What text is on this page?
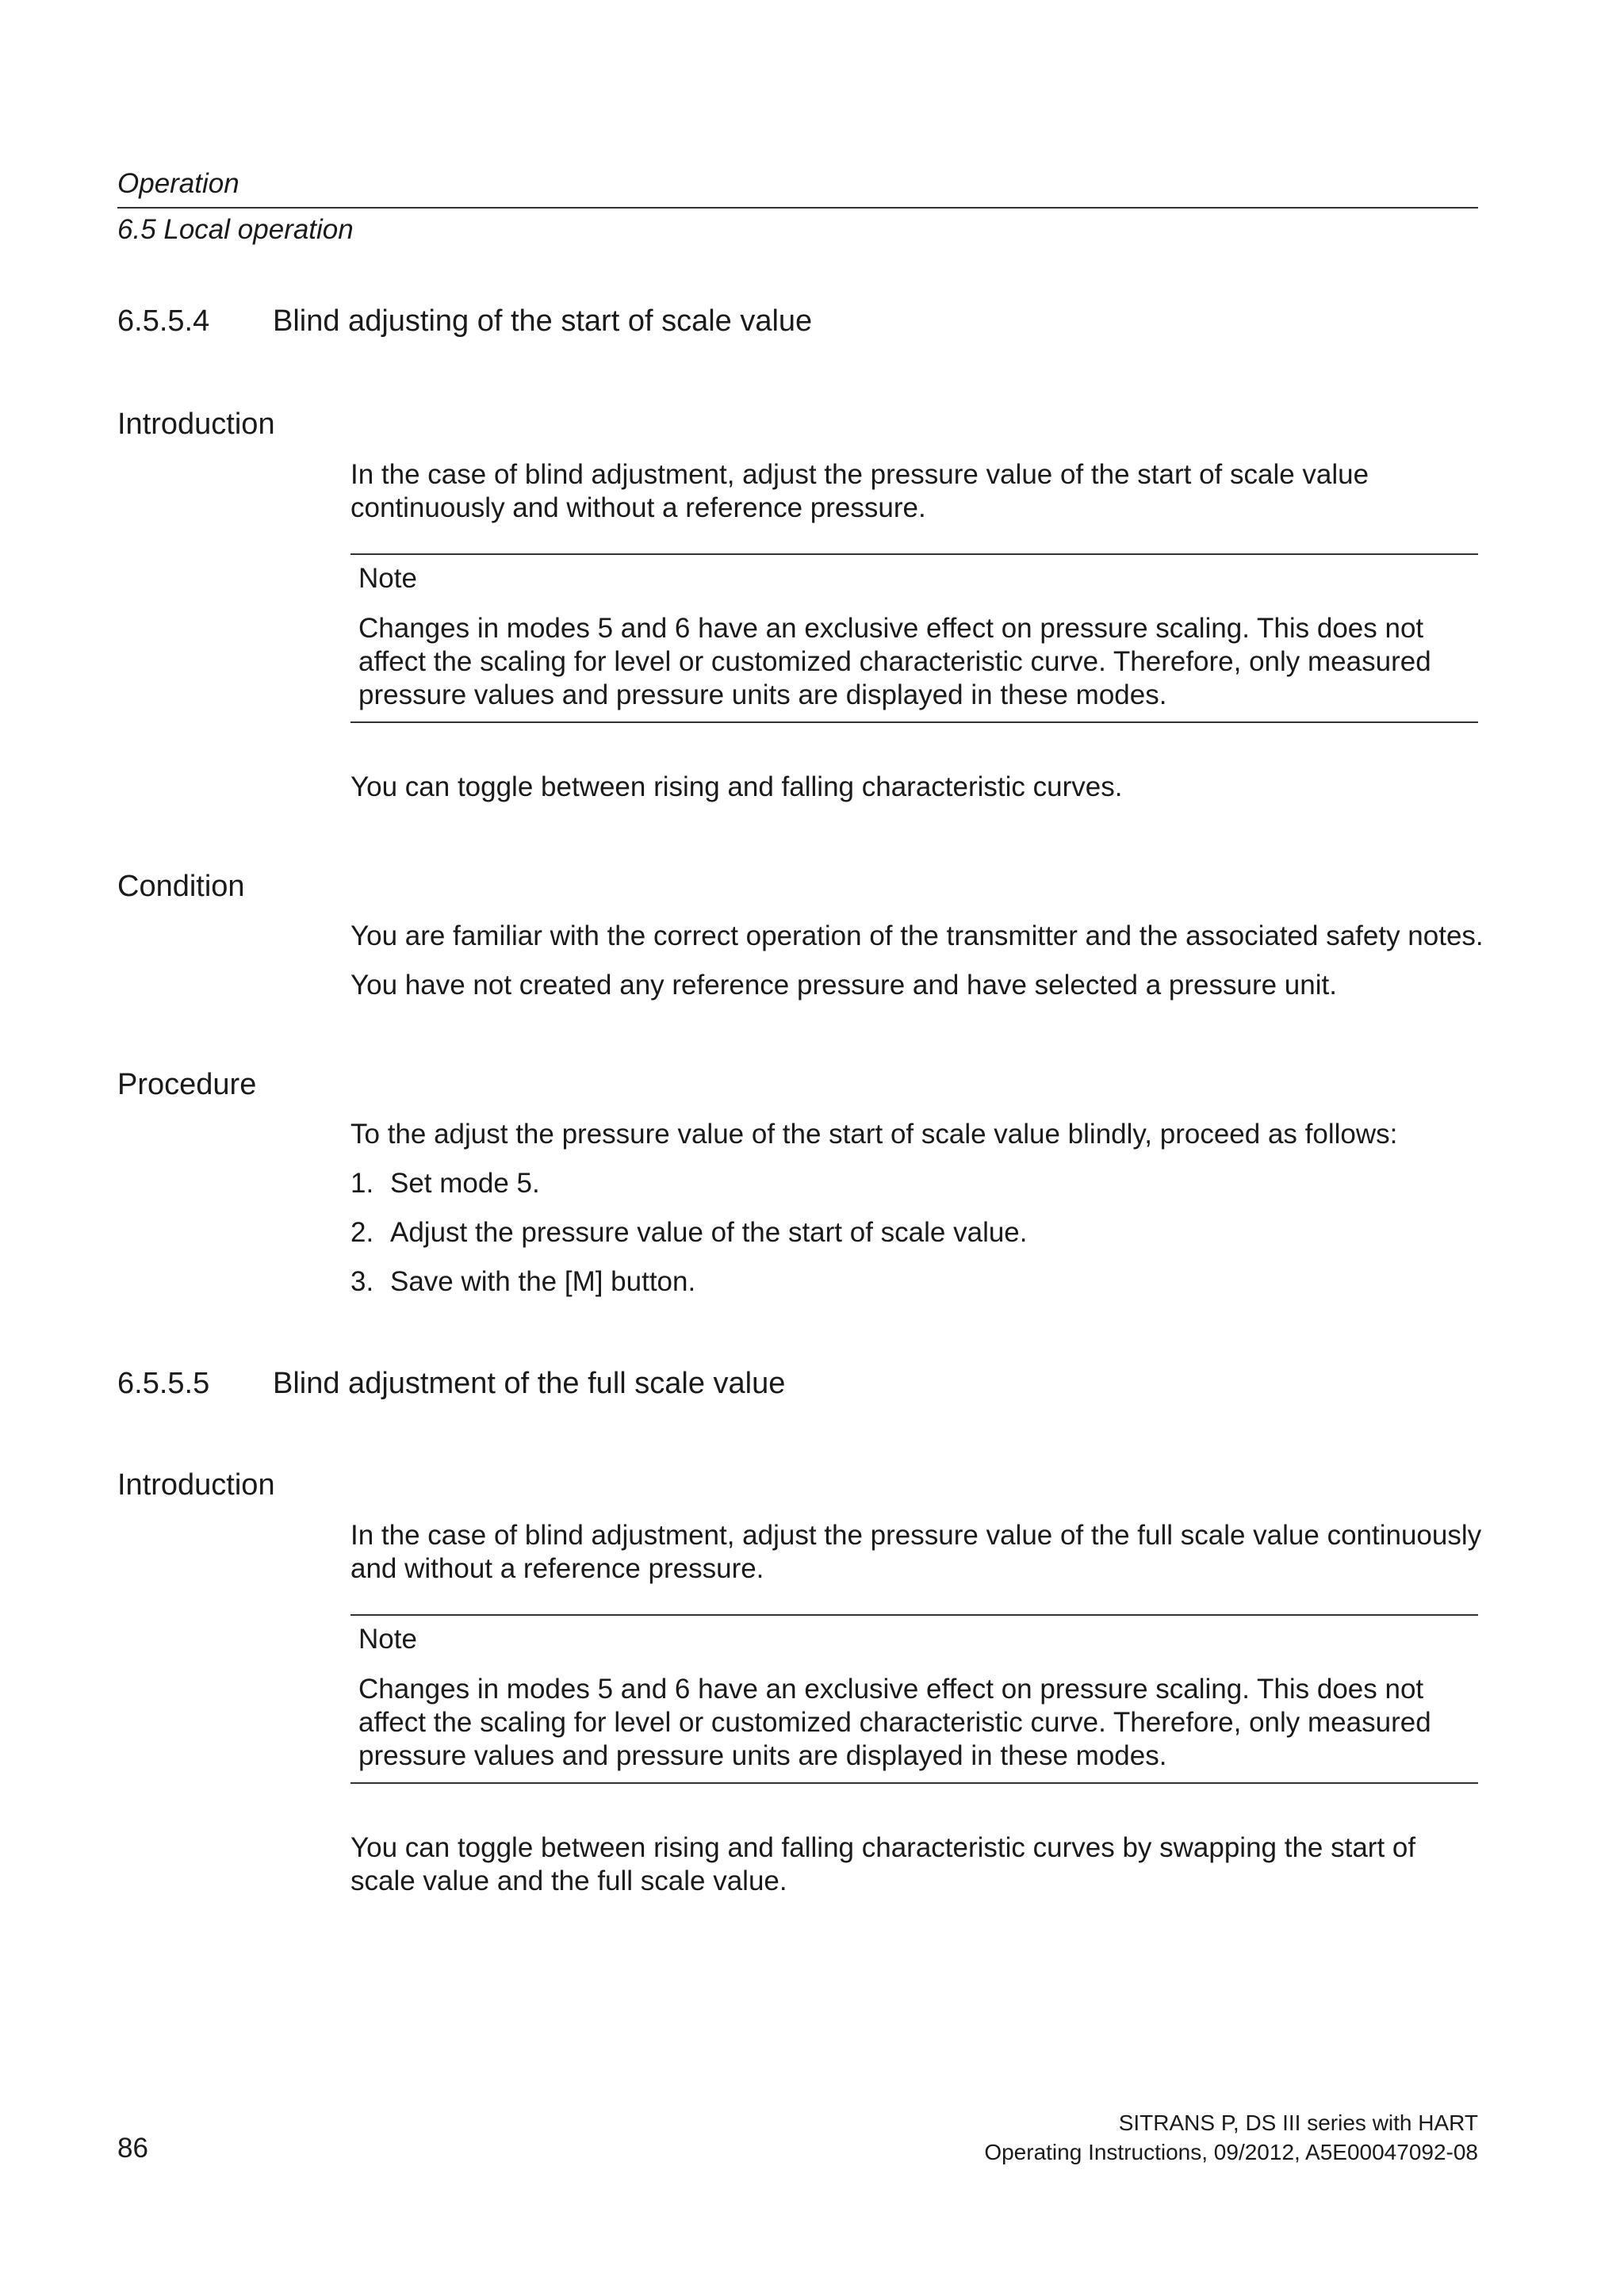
Operation
6.5 Local operation
6.5.5.4 Blind adjusting of the start of scale value
Introduction

In the case of blind adjustment, adjust the pressure value of the start of scale value continuously and without a reference pressure.

Note

Changes in modes 5 and 6 have an exclusive effect on pressure scaling. This does not affect the scaling for level or customized characteristic curve. Therefore, only measured pressure values and pressure units are displayed in these modes.

You can toggle between rising and falling characteristic curves.

Condition

You are familiar with the correct operation of the transmitter and the associated safety notes.

You have not created any reference pressure and have selected a pressure unit.

Procedure

To the adjust the pressure value of the start of scale value blindly, proceed as follows:

1. Set mode 5.
2. Adjust the pressure value of the start of scale value.
3. Save with the [M] button.
6.5.5.5 Blind adjustment of the full scale value
Introduction

In the case of blind adjustment, adjust the pressure value of the full scale value continuously and without a reference pressure.

Note

Changes in modes 5 and 6 have an exclusive effect on pressure scaling. This does not affect the scaling for level or customized characteristic curve. Therefore, only measured pressure values and pressure units are displayed in these modes.

You can toggle between rising and falling characteristic curves by swapping the start of scale value and the full scale value.

86
SITRANS P, DS III series with HART
Operating Instructions, 09/2012, A5E00047092-08
